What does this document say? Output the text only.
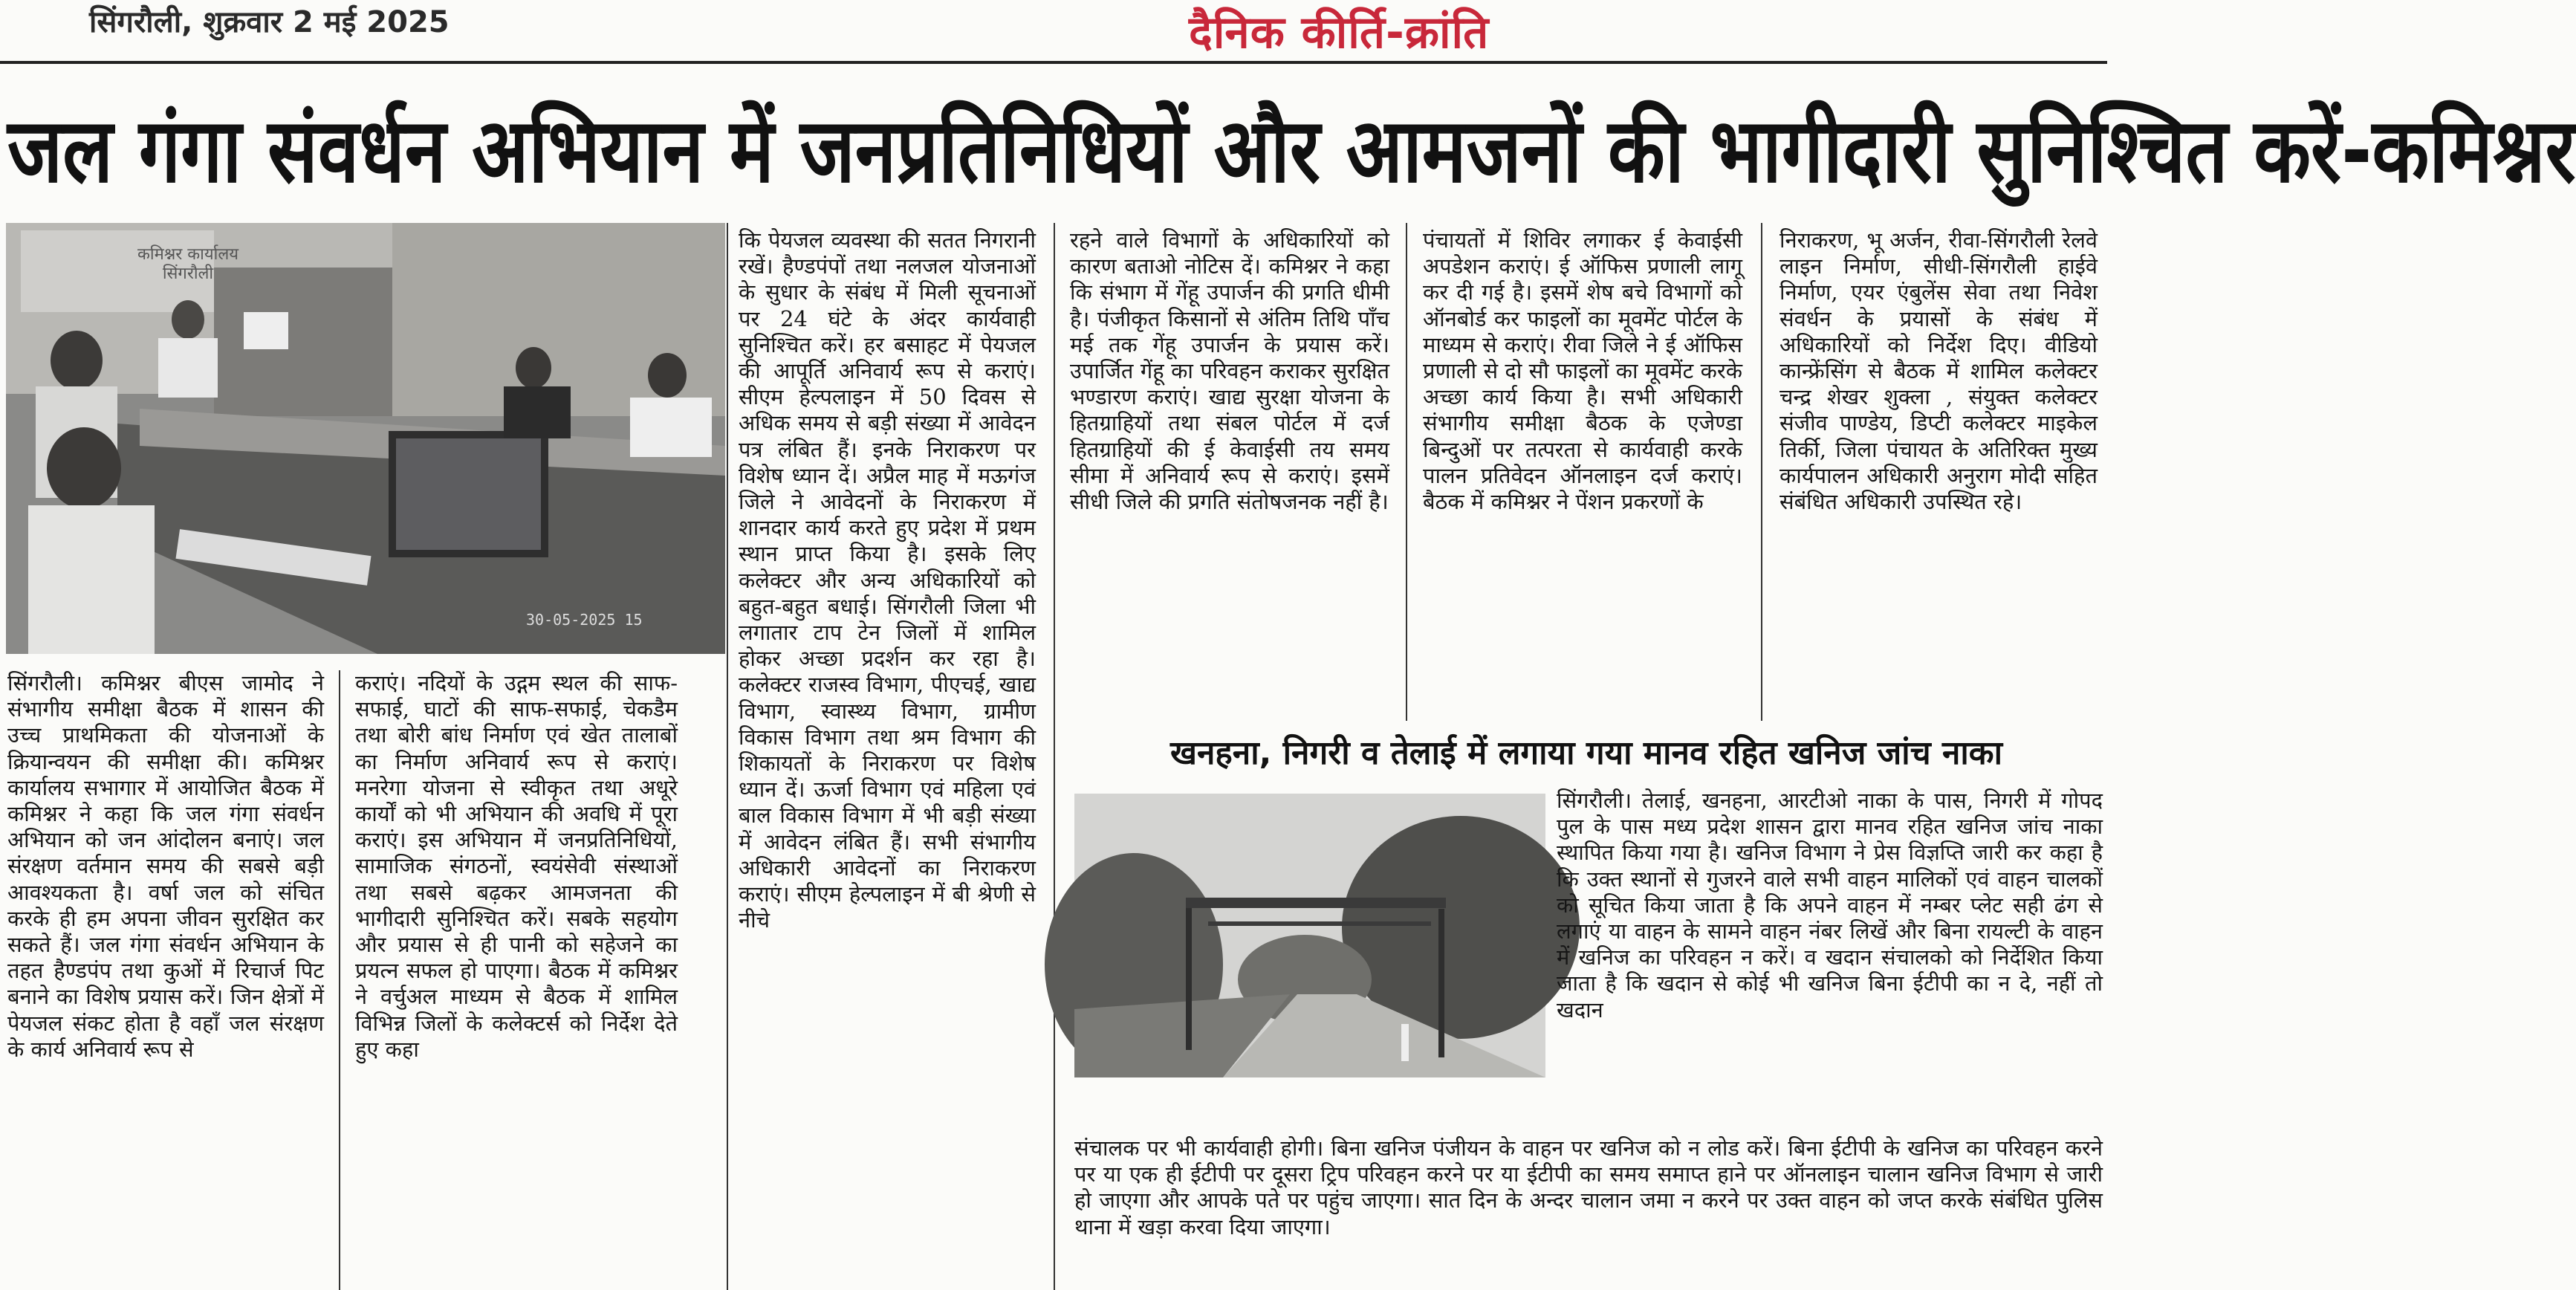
सिंगरौली, शुक्रवार 2 मई 2025	दैनिक कीर्ति-क्रांति
जल गंगा संवर्धन अभियान में जनप्रतिनिधियों और आमजनों की भागीदारी सुनिश्चित करें-कमिश्नर
कमिश्नर कार्यालय सिंगरौली
30-05-2025 15
सिंगरौली। कमिश्नर बीएस जामोद ने संभागीय समीक्षा बैठक में शासन की उच्च प्राथमिकता की योजनाओं के क्रियान्वयन की समीक्षा की। कमिश्नर कार्यालय सभागार में आयोजित बैठक में कमिश्नर ने कहा कि जल गंगा संवर्धन अभियान को जन आंदोलन बनाएं। जल संरक्षण वर्तमान समय की सबसे बड़ी आवश्यकता है। वर्षा जल को संचित करके ही हम अपना जीवन सुरक्षित कर सकते हैं। जल गंगा संवर्धन अभियान के तहत हैण्डपंप तथा कुओं में रिचार्ज पिट बनाने का विशेष प्रयास करें। जिन क्षेत्रों में पेयजल संकट होता है वहाँ जल संरक्षण के कार्य अनिवार्य रूप से
कराएं। नदियों के उद्गम स्थल की साफ-सफाई, घाटों की साफ-सफाई, चेकडैम तथा बोरी बांध निर्माण एवं खेत तालाबों का निर्माण अनिवार्य रूप से कराएं। मनरेगा योजना से स्वीकृत तथा अधूरे कार्यों को भी अभियान की अवधि में पूरा कराएं। इस अभियान में जनप्रतिनिधियों, सामाजिक संगठनों, स्वयंसेवी संस्थाओं तथा सबसे बढ़कर आमजनता की भागीदारी सुनिश्चित करें। सबके सहयोग और प्रयास से ही पानी को सहेजने का प्रयत्न सफल हो पाएगा। बैठक में कमिश्नर ने वर्चुअल माध्यम से बैठक में शामिल विभिन्न जिलों के कलेक्टर्स को निर्देश देते हुए कहा
कि पेयजल व्यवस्था की सतत निगरानी रखें। हैण्डपंपों तथा नलजल योजनाओं के सुधार के संबंध में मिली सूचनाओं पर 24 घंटे के अंदर कार्यवाही सुनिश्चित करें। हर बसाहट में पेयजल की आपूर्ति अनिवार्य रूप से कराएं। सीएम हेल्पलाइन में 50 दिवस से अधिक समय से बड़ी संख्या में आवेदन पत्र लंबित हैं। इनके निराकरण पर विशेष ध्यान दें। अप्रैल माह में मऊगंज जिले ने आवेदनों के निराकरण में शानदार कार्य करते हुए प्रदेश में प्रथम स्थान प्राप्त किया है। इसके लिए कलेक्टर और अन्य अधिकारियों को बहुत-बहुत बधाई। सिंगरौली जिला भी लगातार टाप टेन जिलों में शामिल होकर अच्छा प्रदर्शन कर रहा है। कलेक्टर राजस्व विभाग, पीएचई, खाद्य विभाग, स्वास्थ्य विभाग, ग्रामीण विकास विभाग तथा श्रम विभाग की शिकायतों के निराकरण पर विशेष ध्यान दें। ऊर्जा विभाग एवं महिला एवं बाल विकास विभाग में भी बड़ी संख्या में आवेदन लंबित हैं। सभी संभागीय अधिकारी आवेदनों का निराकरण कराएं। सीएम हेल्पलाइन में बी श्रेणी से नीचे
रहने वाले विभागों के अधिकारियों को कारण बताओ नोटिस दें। कमिश्नर ने कहा कि संभाग में गेंहू उपार्जन की प्रगति धीमी है। पंजीकृत किसानों से अंतिम तिथि पाँच मई तक गेंहू उपार्जन के प्रयास करें। उपार्जित गेंहू का परिवहन कराकर सुरक्षित भण्डारण कराएं। खाद्य सुरक्षा योजना के हितग्राहियों तथा संबल पोर्टल में दर्ज हितग्राहियों की ई केवाईसी तय समय सीमा में अनिवार्य रूप से कराएं। इसमें सीधी जिले की प्रगति संतोषजनक नहीं है।
पंचायतों में शिविर लगाकर ई केवाईसी अपडेशन कराएं। ई ऑफिस प्रणाली लागू कर दी गई है। इसमें शेष बचे विभागों को ऑनबोर्ड कर फाइलों का मूवमेंट पोर्टल के माध्यम से कराएं। रीवा जिले ने ई ऑफिस प्रणाली से दो सौ फाइलों का मूवमेंट करके अच्छा कार्य किया है। सभी अधिकारी संभागीय समीक्षा बैठक के एजेण्डा बिन्दुओं पर तत्परता से कार्यवाही करके पालन प्रतिवेदन ऑनलाइन दर्ज कराएं। बैठक में कमिश्नर ने पेंशन प्रकरणों के
निराकरण, भू अर्जन, रीवा-सिंगरौली रेलवे लाइन निर्माण, सीधी-सिंगरौली हाईवे निर्माण, एयर एंबुलेंस सेवा तथा निवेश संवर्धन के प्रयासों के संबंध में अधिकारियों को निर्देश दिए। वीडियो कान्फ्रेंसिंग से बैठक में शामिल कलेक्टर चन्द्र शेखर शुक्ला , संयुक्त कलेक्टर संजीव पाण्डेय, डिप्टी कलेक्टर माइकेल तिर्की, जिला पंचायत के अतिरिक्त मुख्य कार्यपालन अधिकारी अनुराग मोदी सहित संबंधित अधिकारी उपस्थित रहे।
खनहना, निगरी व तेलाई में लगाया गया मानव रहित खनिज जांच नाका
सिंगरौली। तेलाई, खनहना, आरटीओ नाका के पास, निगरी में गोपद पुल के पास मध्य प्रदेश शासन द्वारा मानव रहित खनिज जांच नाका स्थापित किया गया है। खनिज विभाग ने प्रेस विज्ञप्ति जारी कर कहा है कि उक्त स्थानों से गुजरने वाले सभी वाहन मालिकों एवं वाहन चालकों को सूचित किया जाता है कि अपने वाहन में नम्बर प्लेट सही ढंग से लगाएं या वाहन के सामने वाहन नंबर लिखें और बिना रायल्टी के वाहन में खनिज का परिवहन न करें। व खदान संचालको को निर्देशित किया जाता है कि खदान से कोई भी खनिज बिना ईटीपी का न दे, नहीं तो खदान
संचालक पर भी कार्यवाही होगी। बिना खनिज पंजीयन के वाहन पर खनिज को न लोड करें। बिना ईटीपी के खनिज का परिवहन करने पर या एक ही ईटीपी पर दूसरा ट्रिप परिवहन करने पर या ईटीपी का समय समाप्त हाने पर ऑनलाइन चालान खनिज विभाग से जारी हो जाएगा और आपके पते पर पहुंच जाएगा। सात दिन के अन्दर चालान जमा न करने पर उक्त वाहन को जप्त करके संबंधित पुलिस थाना में खड़ा करवा दिया जाएगा।
